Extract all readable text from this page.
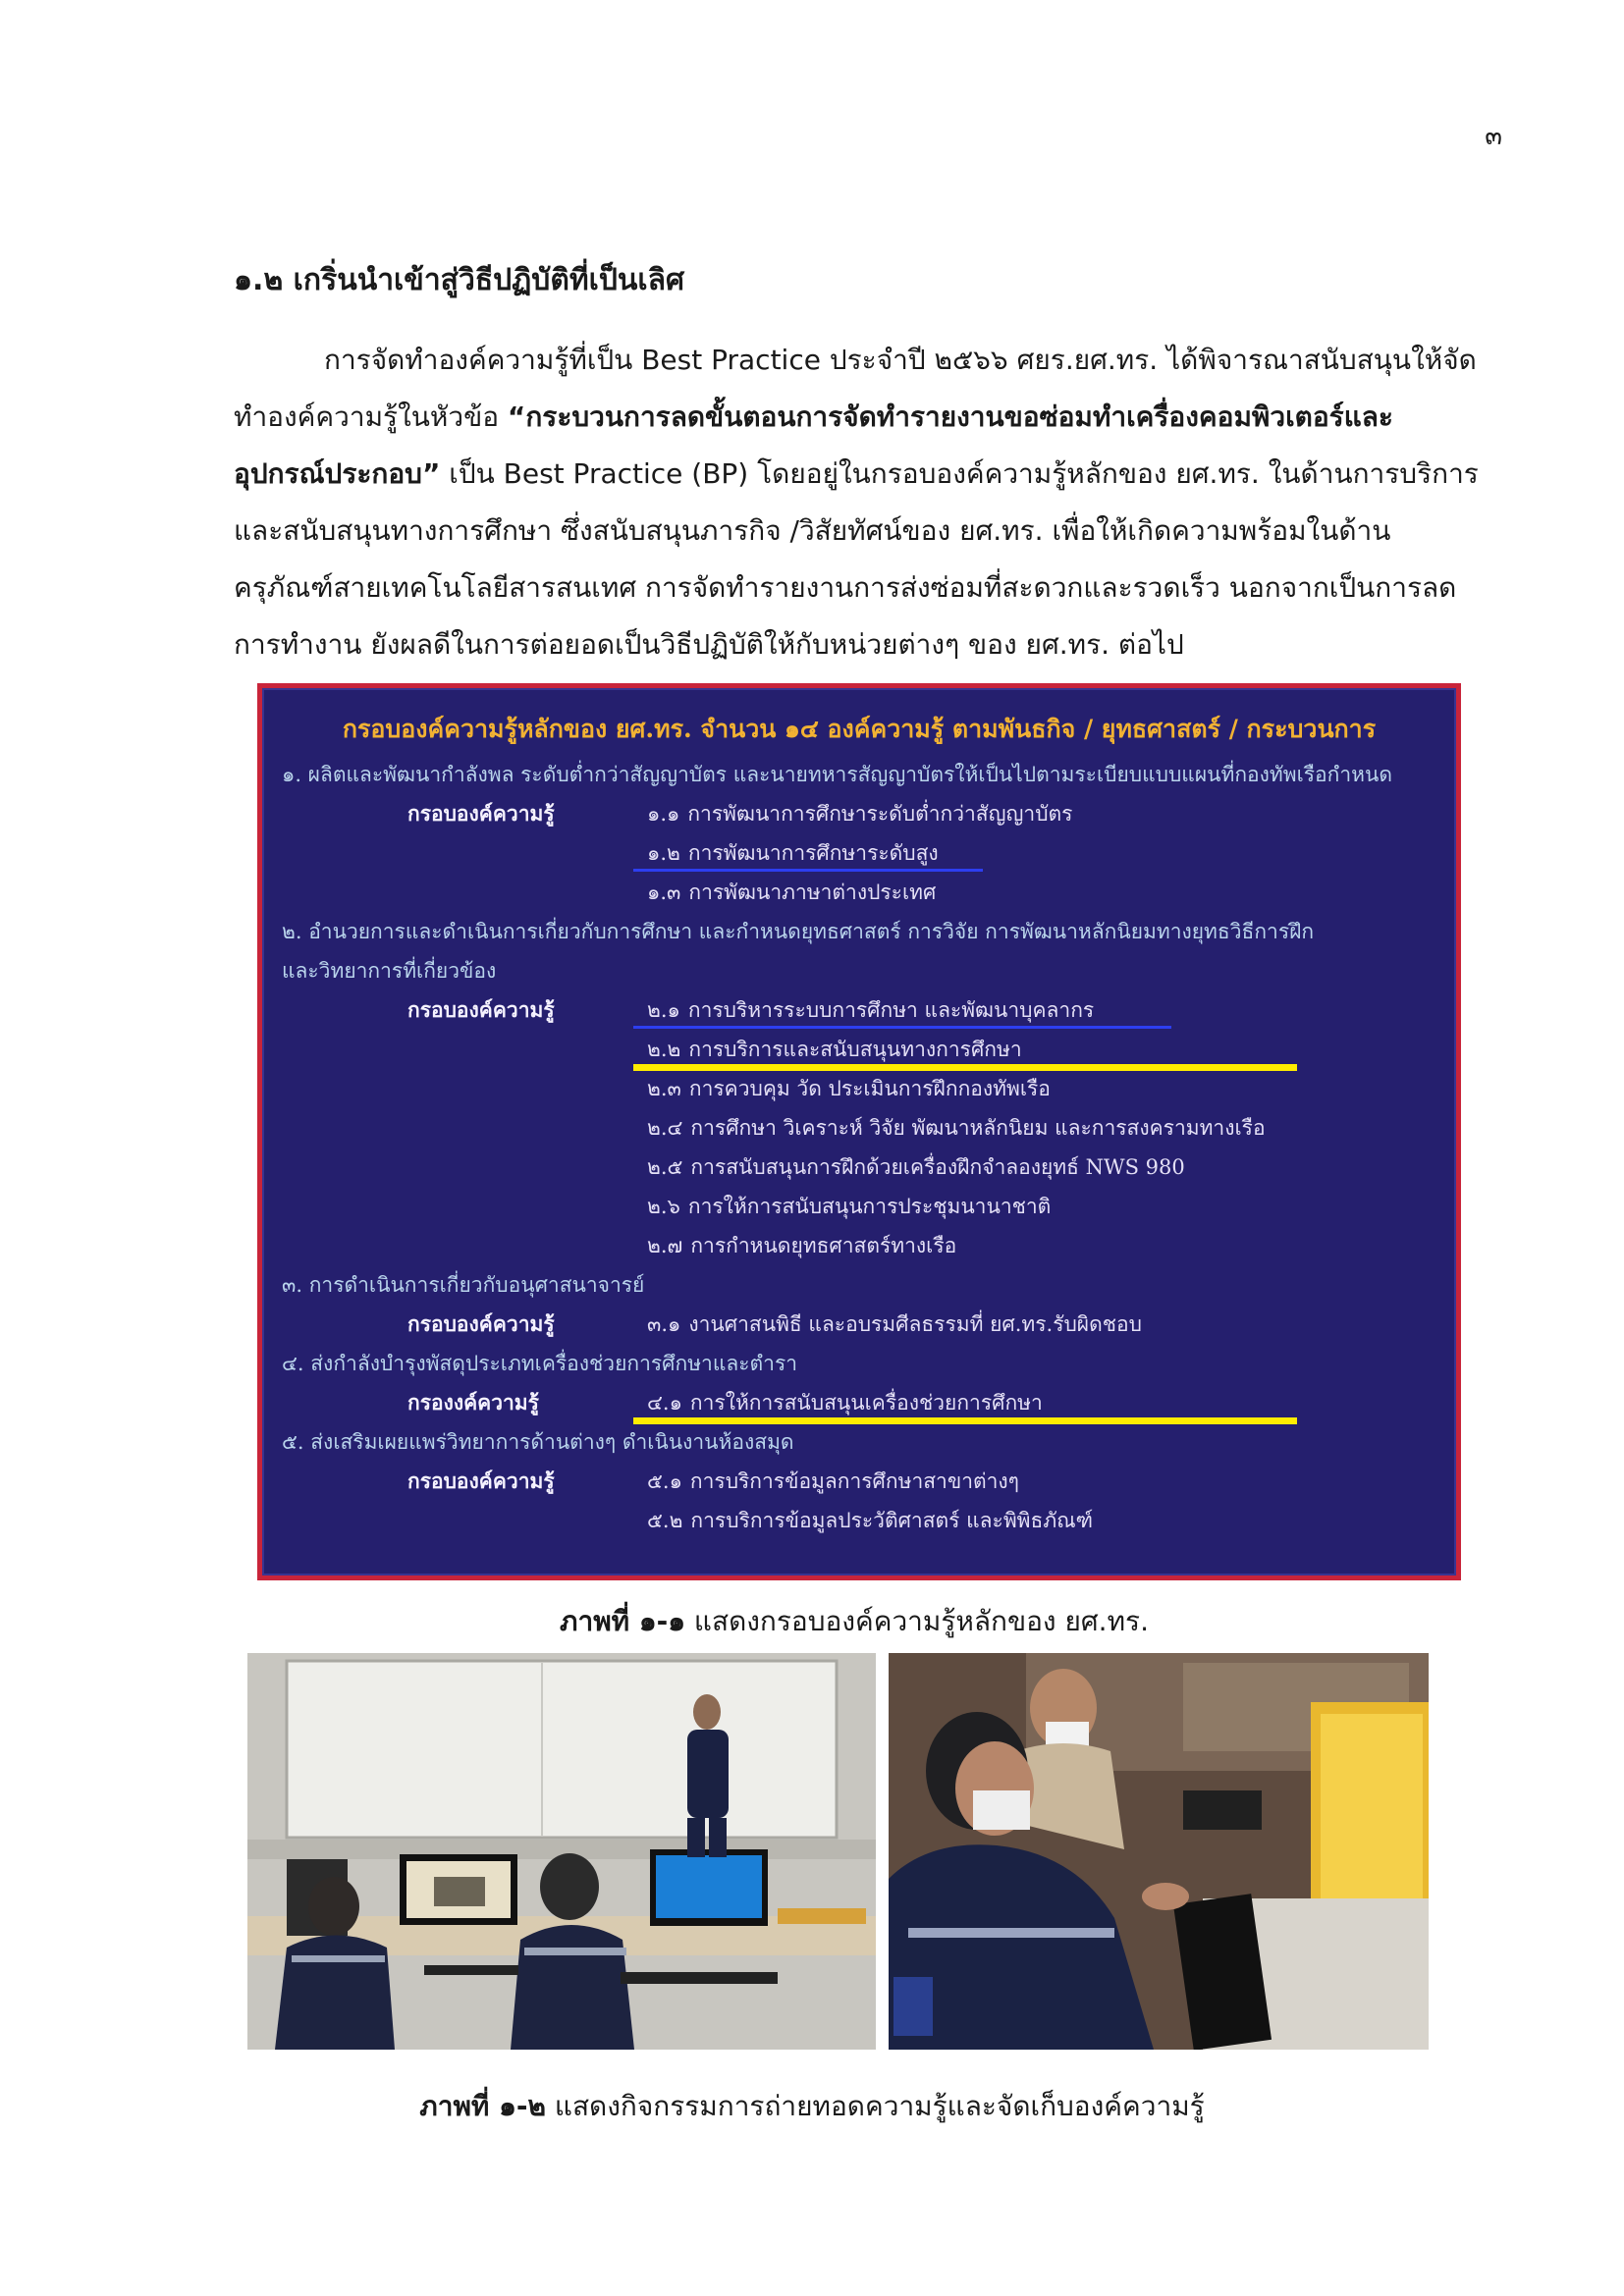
๓
๑.๒ เกริ่นนำเข้าสู่วิธีปฏิบัติที่เป็นเลิศ
การจัดทำองค์ความรู้ที่เป็น Best Practice ประจำปี ๒๕๖๖ ศยร.ยศ.ทร. ได้พิจารณาสนับสนุนให้จัดทำองค์ความรู้ในหัวข้อ “กระบวนการลดขั้นตอนการจัดทำรายงานขอซ่อมทำเครื่องคอมพิวเตอร์และอุปกรณ์ประกอบ” เป็น Best Practice (BP) โดยอยู่ในกรอบองค์ความรู้หลักของ ยศ.ทร. ในด้านการบริการและสนับสนุนทางการศึกษา ซึ่งสนับสนุนภารกิจ /วิสัยทัศน์ของ ยศ.ทร. เพื่อให้เกิดความพร้อมในด้านครุภัณฑ์สายเทคโนโลยีสารสนเทศ การจัดทำรายงานการส่งซ่อมที่สะดวกและรวดเร็ว นอกจากเป็นการลดการทำงาน ยังผลดีในการต่อยอดเป็นวิธีปฏิบัติให้กับหน่วยต่างๆ ของ ยศ.ทร. ต่อไป
กรอบองค์ความรู้หลักของ ยศ.ทร. จำนวน ๑๔ องค์ความรู้ ตามพันธกิจ / ยุทธศาสตร์ / กระบวนการ
๑. ผลิตและพัฒนากำลังพล ระดับต่ำกว่าสัญญาบัตร และนายทหารสัญญาบัตรให้เป็นไปตามระเบียบแบบแผนที่กองทัพเรือกำหนด
กรอบองค์ความรู้	๑.๑ การพัฒนาการศึกษาระดับต่ำกว่าสัญญาบัตร
๑.๒ การพัฒนาการศึกษาระดับสูง
๑.๓ การพัฒนาภาษาต่างประเทศ
๒. อำนวยการและดำเนินการเกี่ยวกับการศึกษา และกำหนดยุทธศาสตร์ การวิจัย การพัฒนาหลักนิยมทางยุทธวิธีการฝึก
และวิทยาการที่เกี่ยวข้อง
กรอบองค์ความรู้	๒.๑ การบริหารระบบการศึกษา และพัฒนาบุคลากร
๒.๒ การบริการและสนับสนุนทางการศึกษา
๒.๓ การควบคุม วัด ประเมินการฝึกกองทัพเรือ
๒.๔ การศึกษา วิเคราะห์ วิจัย พัฒนาหลักนิยม และการสงครามทางเรือ
๒.๕ การสนับสนุนการฝึกด้วยเครื่องฝึกจำลองยุทธ์ NWS 980
๒.๖ การให้การสนับสนุนการประชุมนานาชาติ
๒.๗ การกำหนดยุทธศาสตร์ทางเรือ
๓. การดำเนินการเกี่ยวกับอนุศาสนาจารย์
กรอบองค์ความรู้	๓.๑ งานศาสนพิธี และอบรมศีลธรรมที่ ยศ.ทร.รับผิดชอบ
๔. ส่งกำลังบำรุงพัสดุประเภทเครื่องช่วยการศึกษาและตำรา
กรองงค์ความรู้	๔.๑ การให้การสนับสนุนเครื่องช่วยการศึกษา
๕. ส่งเสริมเผยแพร่วิทยาการด้านต่างๆ ดำเนินงานห้องสมุด
กรอบองค์ความรู้	๕.๑ การบริการข้อมูลการศึกษาสาขาต่างๆ
๕.๒ การบริการข้อมูลประวัติศาสตร์ และพิพิธภัณฑ์
ภาพที่ ๑-๑ แสดงกรอบองค์ความรู้หลักของ ยศ.ทร.
ภาพที่ ๑-๒ แสดงกิจกรรมการถ่ายทอดความรู้และจัดเก็บองค์ความรู้
